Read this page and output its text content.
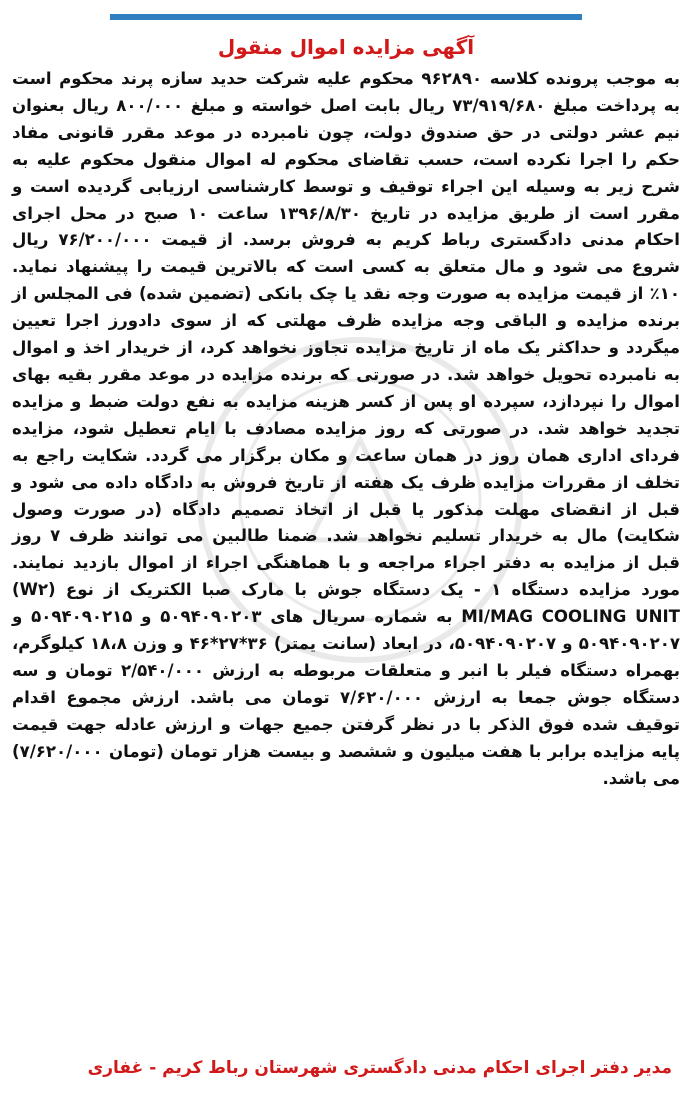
آگهی مزایده اموال منقول
به موجب پرونده کلاسه ۹۶۲۸۹۰ محکوم علیه شرکت حدید سازه پرند محکوم است به پرداخت مبلغ ۷۳/۹۱۹/۶۸۰ ریال بابت اصل خواسته و مبلغ ۸۰۰/۰۰۰ ریال بعنوان نیم عشر دولتی در حق صندوق دولت، چون نامبرده در موعد مقرر قانونی مفاد حکم را اجرا نکرده است، حسب تقاضای محکوم له اموال منقول محکوم علیه به شرح زیر به وسیله این اجراء توقیف و توسط کارشناسی ارزیابی گردیده است و مقرر است از طریق مزایده در تاریخ ۱۳۹۶/۸/۳۰ ساعت ۱۰ صبح در محل اجرای احکام مدنی دادگستری رباط کریم به فروش برسد. از قیمت ۷۶/۲۰۰/۰۰۰ ریال شروع می شود و مال متعلق به کسی است که بالاترین قیمت را پیشنهاد نماید. ۱۰٪ از قیمت مزایده به صورت وجه نقد یا چک بانکی (تضمین شده) فی المجلس از برنده مزایده و الباقی وجه مزایده ظرف مهلتی که از سوی دادورز اجرا تعیین میگردد و حداکثر یک ماه از تاریخ مزایده تجاوز نخواهد کرد، از خریدار اخذ و اموال به نامبرده تحویل خواهد شد. در صورتی که برنده مزایده در موعد مقرر بقیه بهای اموال را نپردازد، سپرده او پس از کسر هزینه مزایده به نفع دولت ضبط و مزایده تجدید خواهد شد. در صورتی که روز مزایده مصادف با ایام تعطیل شود، مزایده فردای اداری همان روز در همان ساعت و مکان برگزار می گردد. شکایت راجع به تخلف از مقررات مزایده ظرف یک هفته از تاریخ فروش به دادگاه داده می شود و قبل از انقضای مهلت مذکور یا قبل از اتخاذ تصمیم دادگاه (در صورت وصول شکایت) مال به خریدار تسلیم نخواهد شد. ضمنا طالبین می توانند ظرف ۷ روز قبل از مزایده به دفتر اجراء مراجعه و با هماهنگی اجراء از اموال بازدید نمایند. مورد مزایده دستگاه ۱ - یک دستگاه جوش با مارک صبا الکتریک از نوع (W۲) MI/MAG COOLING UNIT به شماره سریال های ۵۰۹۴۰۹۰۲۰۳ و ۵۰۹۴۰۹۰۲۱۵ و ۵۰۹۴۰۹۰۲۰۷ و ۵۰۹۴۰۹۰۲۰۷، در ابعاد (سانت یمتر) ۳۶*۲۷*۴۶ و وزن ۱۸،۸ کیلوگرم، بهمراه دستگاه فیلر با انبر و متعلقات مربوطه به ارزش ۲/۵۴۰/۰۰۰ تومان و سه دستگاه جوش جمعا به ارزش ۷/۶۲۰/۰۰۰ تومان می باشد. ارزش مجموع اقدام توقیف شده فوق الذکر با در نظر گرفتن جمیع جهات و ارزش عادله جهت قیمت پایه مزایده برابر با هفت میلیون و ششصد و بیست هزار تومان (تومان ۷/۶۲۰/۰۰۰) می باشد.
مدیر دفتر اجرای احکام مدنی دادگستری شهرستان رباط کریم - غفاری
